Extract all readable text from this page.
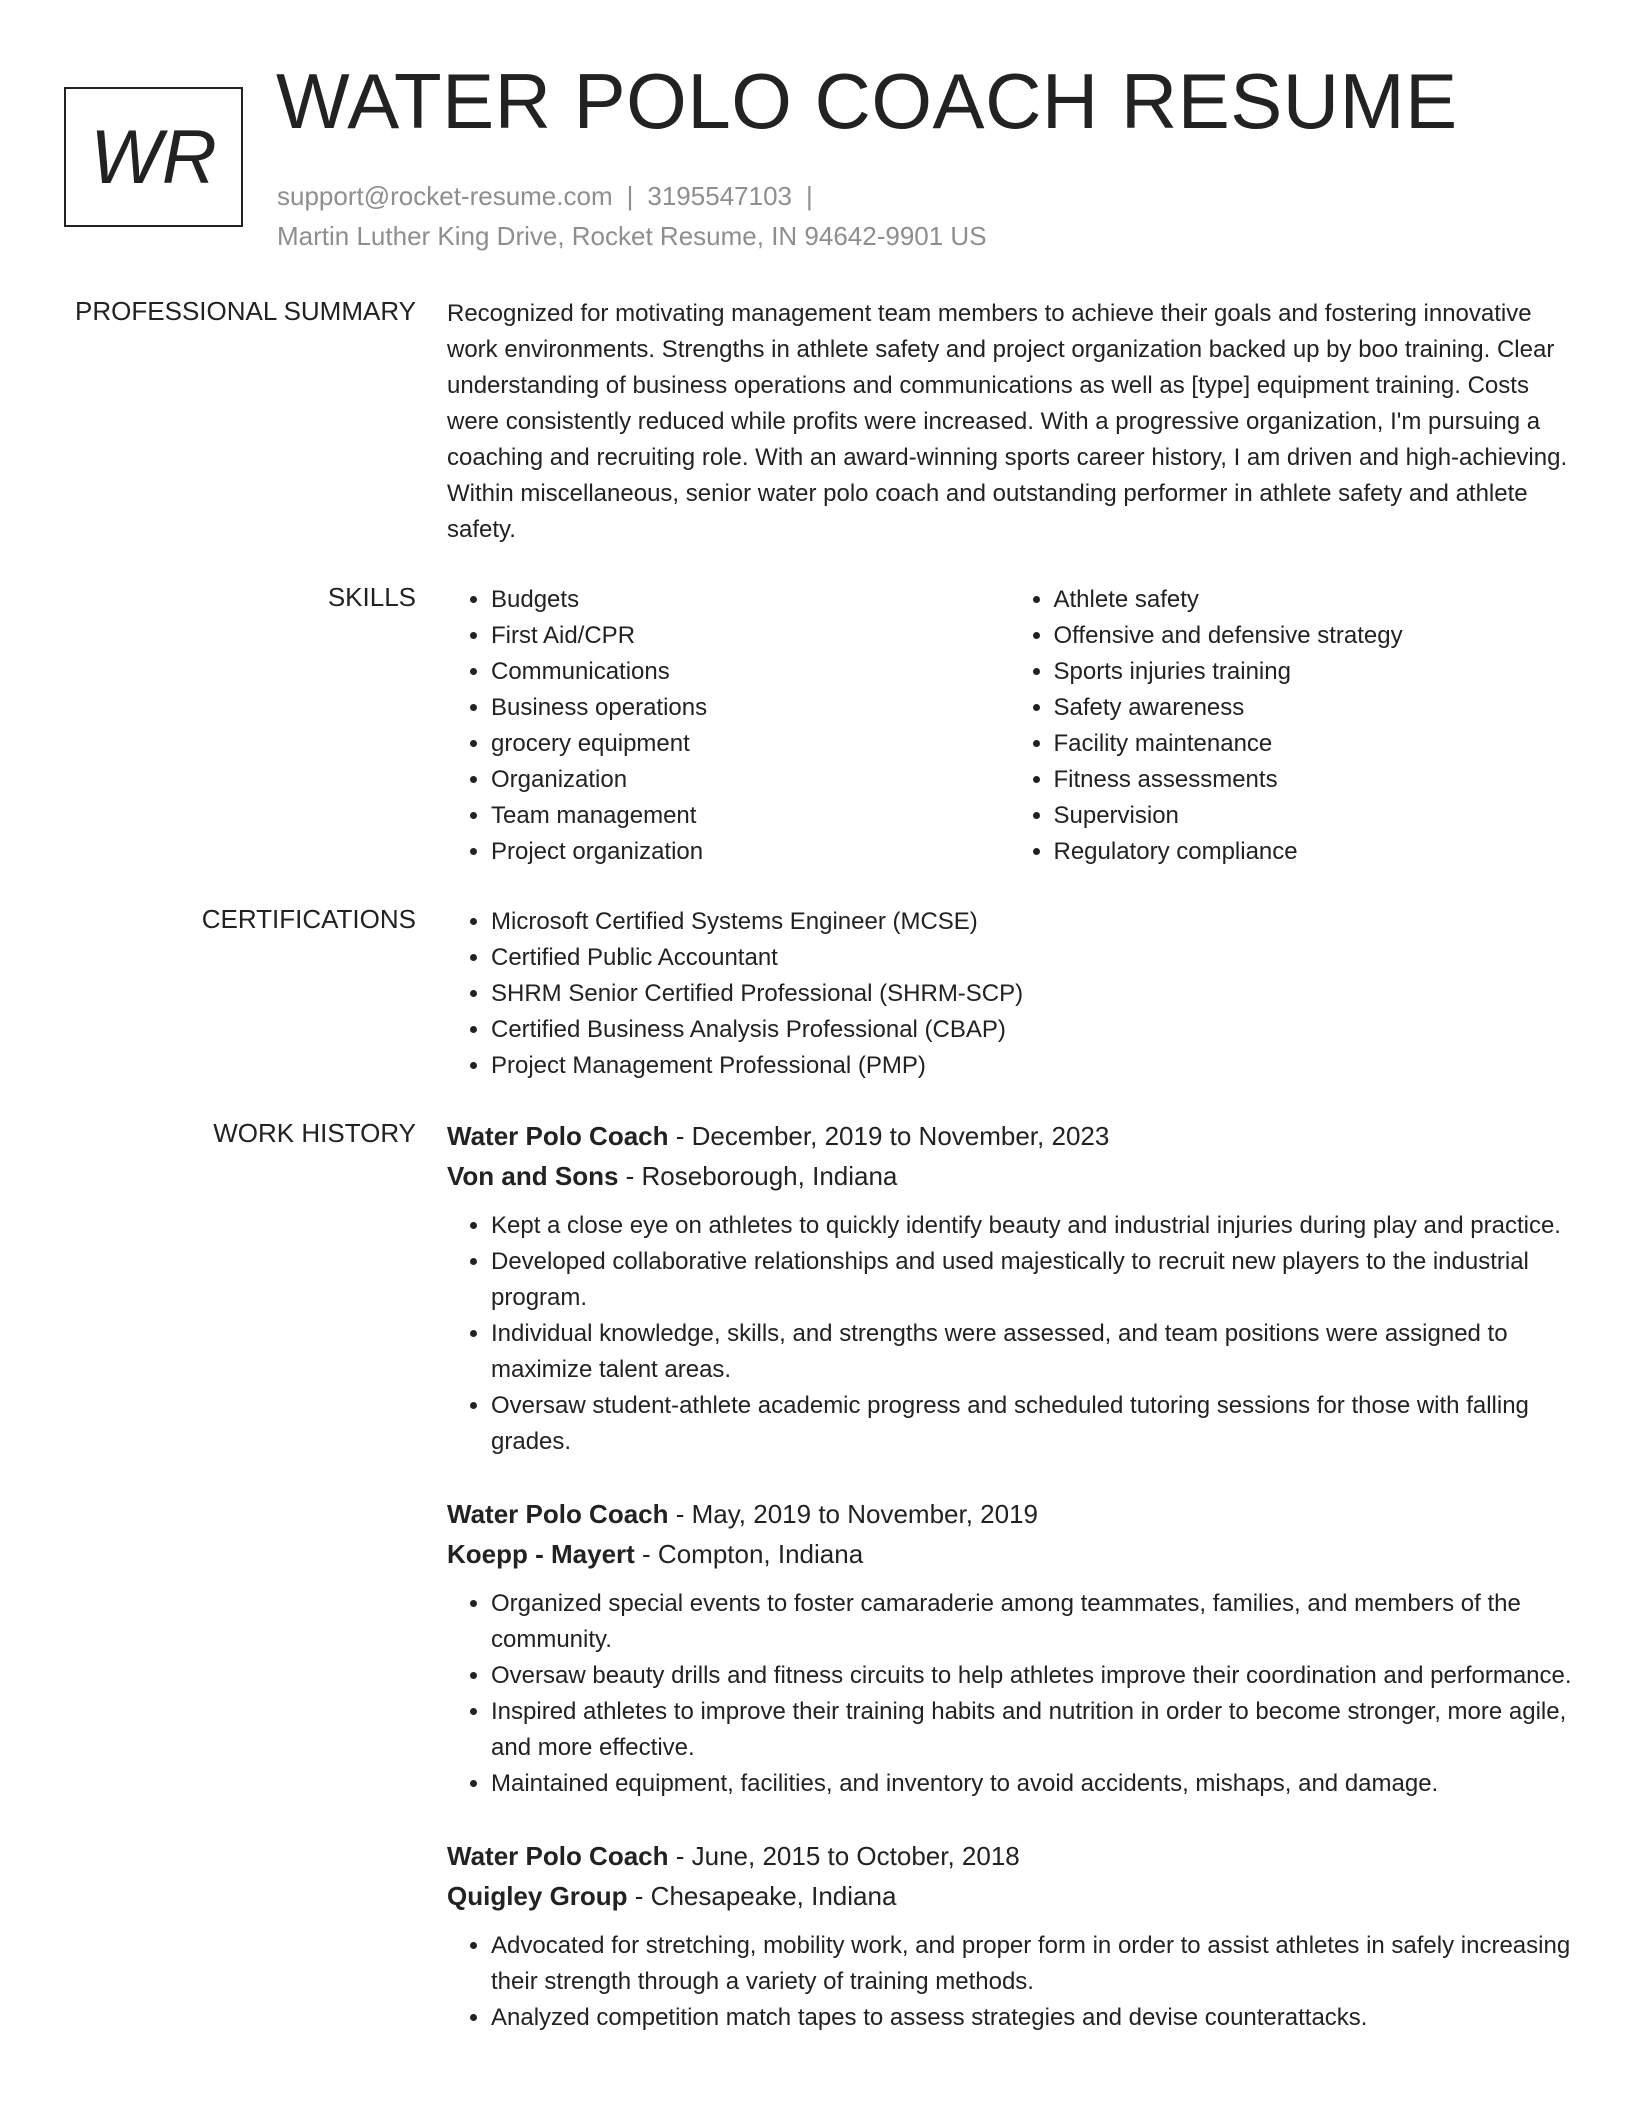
WR
WATER POLO COACH RESUME
support@rocket-resume.com | 3195547103 |
Martin Luther King Drive, Rocket Resume, IN 94642-9901 US
PROFESSIONAL SUMMARY Recognized for motivating management team members to achieve their goals and fostering innovative work environments. Strengths in athlete safety and project organization backed up by boo training. Clear understanding of business operations and communications as well as [type] equipment training. Costs were consistently reduced while profits were increased. With a progressive organization, I'm pursuing a coaching and recruiting role. With an award-winning sports career history, I am driven and high-achieving. Within miscellaneous, senior water polo coach and outstanding performer in athlete safety and athlete safety.

SKILLS	• Budgets
• First Aid/CPR
• Communications
• Business operations
• grocery equipment
• Organization
• Team management
• Project organization
• Athlete safety
• Offensive and defensive strategy
• Sports injuries training
• Safety awareness
• Facility maintenance
• Fitness assessments
• Supervision
• Regulatory compliance
CERTIFICATIONS	• Microsoft Certified Systems Engineer (MCSE)
• Certified Public Accountant
• SHRM Senior Certified Professional (SHRM-SCP)
• Certified Business Analysis Professional (CBAP)
• Project Management Professional (PMP)
WORK HISTORY Water Polo Coach - December, 2019 to November, 2023
Von and Sons - Roseborough, Indiana
• Kept a close eye on athletes to quickly identify beauty and industrial injuries during play and practice.
• Developed collaborative relationships and used majestically to recruit new players to the industrial program.
• Individual knowledge, skills, and strengths were assessed, and team positions were assigned to maximize talent areas.
• Oversaw student-athlete academic progress and scheduled tutoring sessions for those with falling grades.
Water Polo Coach - May, 2019 to November, 2019
Koepp - Mayert - Compton, Indiana
• Organized special events to foster camaraderie among teammates, families, and members of the community.
• Oversaw beauty drills and fitness circuits to help athletes improve their coordination and performance.
• Inspired athletes to improve their training habits and nutrition in order to become stronger, more agile, and more effective.
• Maintained equipment, facilities, and inventory to avoid accidents, mishaps, and damage.
Water Polo Coach - June, 2015 to October, 2018
Quigley Group - Chesapeake, Indiana
• Advocated for stretching, mobility work, and proper form in order to assist athletes in safely increasing their strength through a variety of training methods.
• Analyzed competition match tapes to assess strategies and devise counterattacks.
